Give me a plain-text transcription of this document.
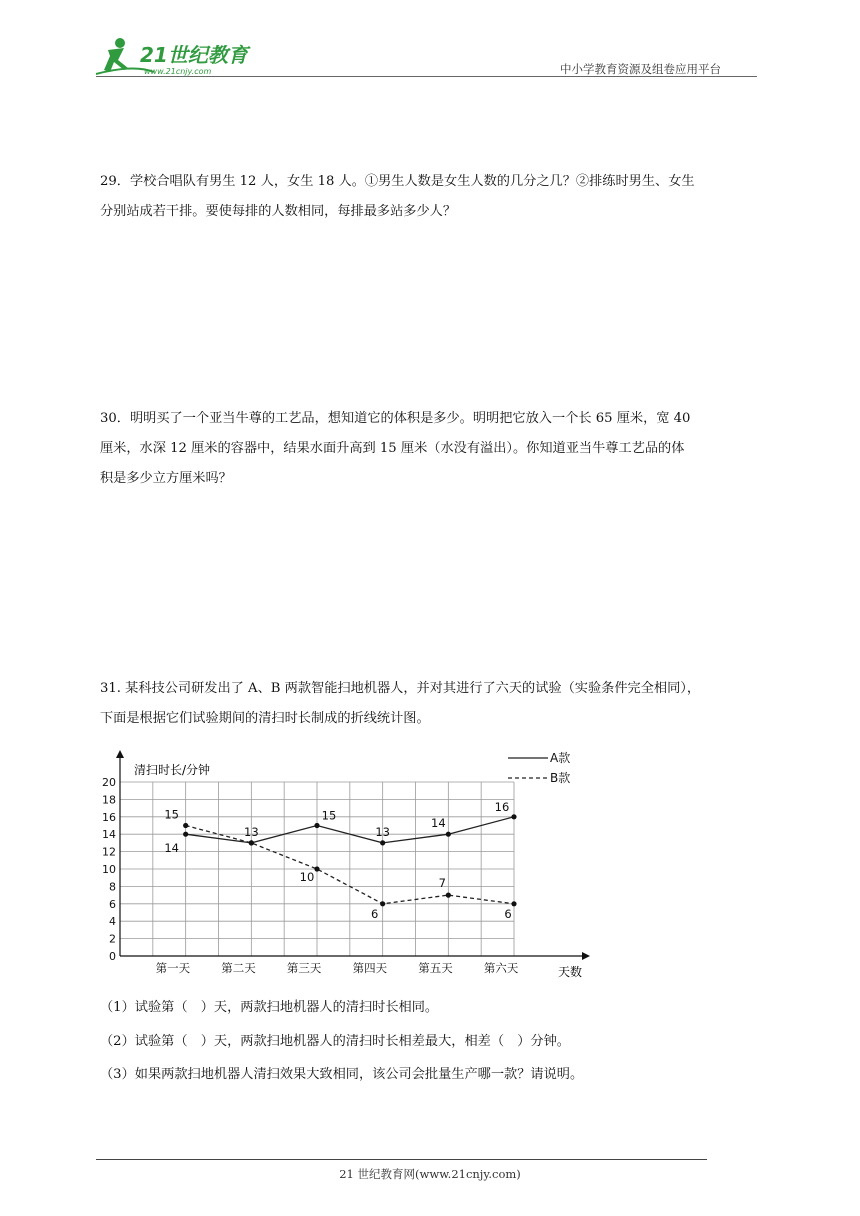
21世纪教育
www.21cnjy.com	中小学教育资源及组卷应用平台

29．学校合唱队有男生 12 人，女生 18 人。①男生人数是女生人数的几分之几？②排练时男生、女生

分别站成若干排。要使每排的人数相同，每排最多站多少人？

30．明明买了一个亚当牛尊的工艺品，想知道它的体积是多少。明明把它放入一个长 65 厘米，宽 40

厘米，水深 12 厘米的容器中，结果水面升高到 15 厘米（水没有溢出）。你知道亚当牛尊工艺品的体

积是多少立方厘米吗？

31. 某科技公司研发出了 A、B 两款智能扫地机器人，并对其进行了六天的试验（实验条件完全相同），

下面是根据它们试验期间的清扫时长制成的折线统计图。

清扫时长/分钟
天数
0
2
4
6
8
10
12
14
16
18
20
第一天	第二天	第三天	第四天	第五天	第六天
14
13
15
13
14
16
15
10
6
7
6
A款
B款
（1）试验第（　）天，两款扫地机器人的清扫时长相同。
（2）试验第（　）天，两款扫地机器人的清扫时长相差最大，相差（　）分钟。
（3）如果两款扫地机器人清扫效果大致相同，该公司会批量生产哪一款？请说明。
21 世纪教育网(www.21cnjy.com)
